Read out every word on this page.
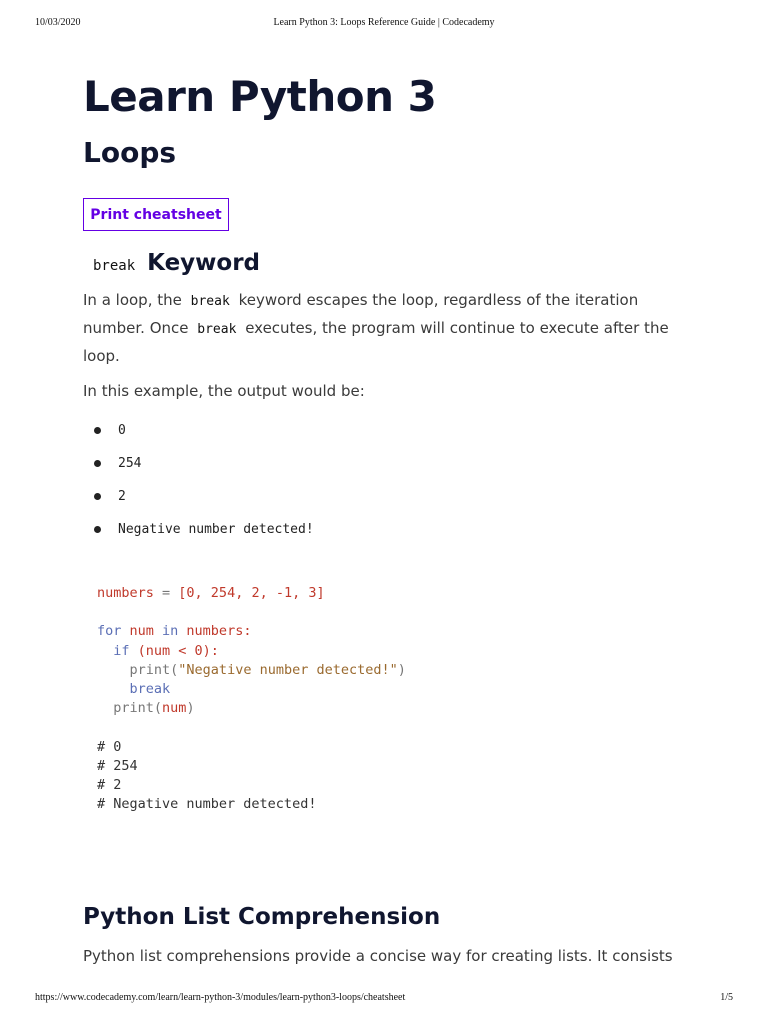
10/03/2020	Learn Python 3: Loops Reference Guide | Codecademy
Learn Python 3
Loops
Print cheatsheet
break Keyword

In a loop, the break keyword escapes the loop, regardless of the iteration number. Once break executes, the program will continue to execute after the loop.

In this example, the output would be:

0
254
2
Negative number detected!
numbers = [0, 254, 2, -1, 3]

for num in numbers:
if (num < 0):
print("Negative number detected!")
break
print(num)

# 0
# 254
# 2
# Negative number detected!
Python List Comprehension

Python list comprehensions provide a concise way for creating lists. It consists

https://www.codecademy.com/learn/learn-python-3/modules/learn-python3-loops/cheatsheet	1/5
